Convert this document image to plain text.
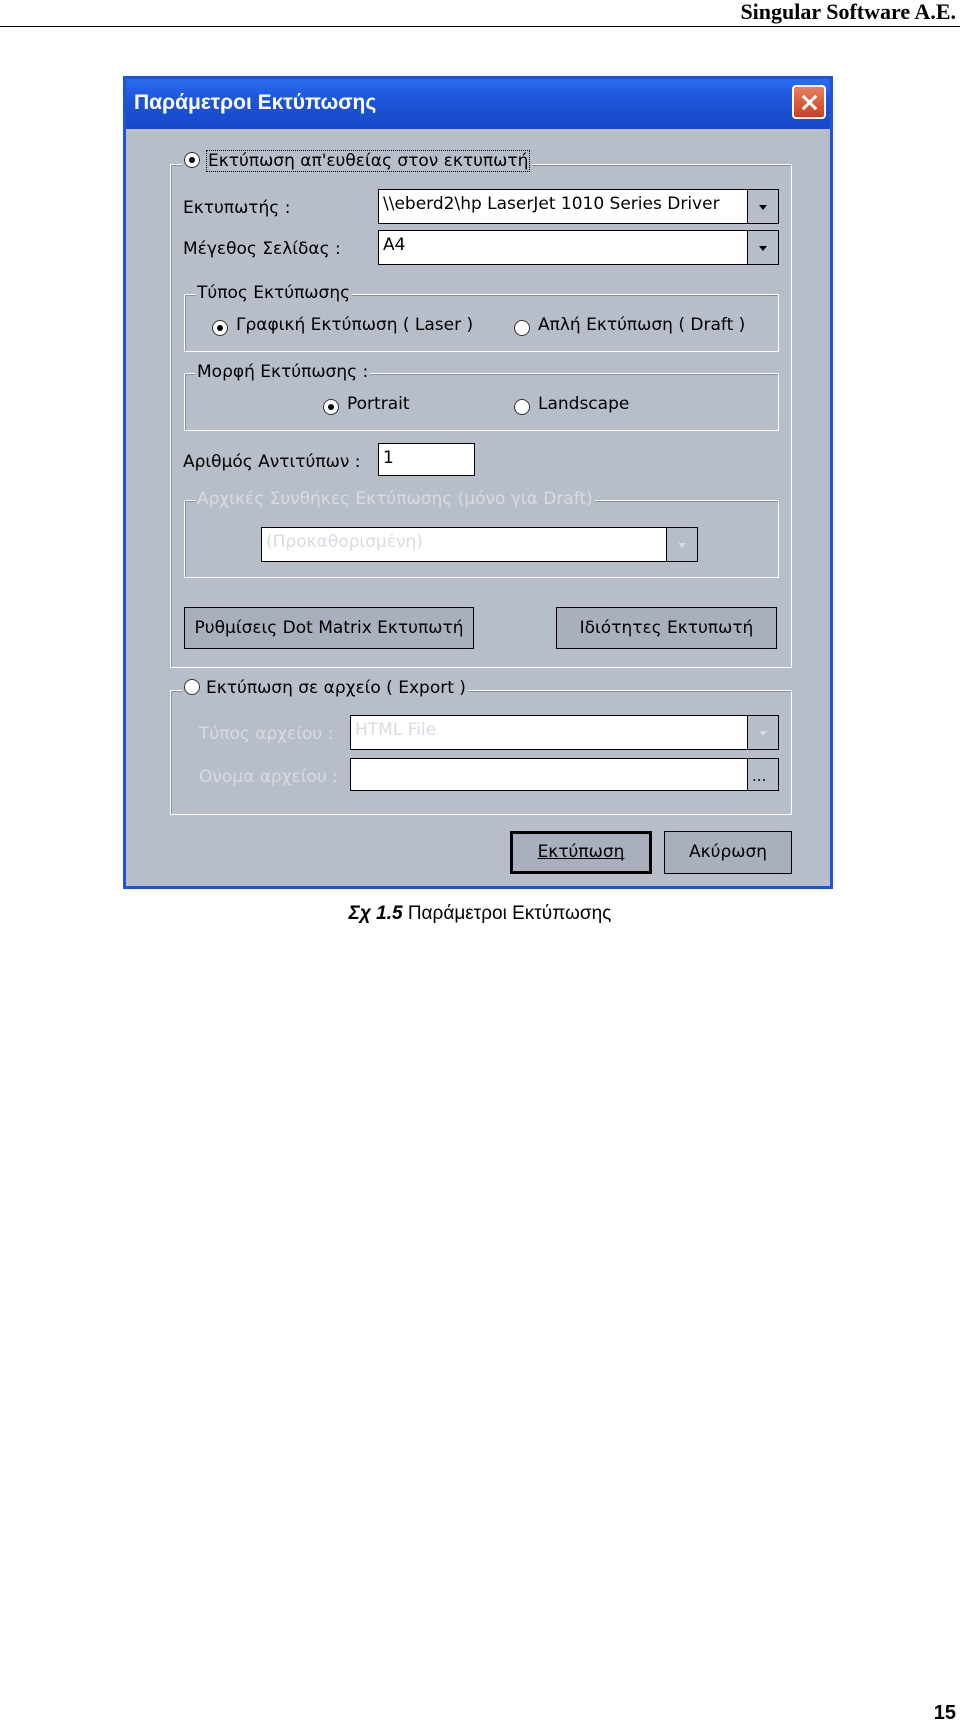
Singular Software A.E.
Παράμετροι Εκτύπωσης
Εκτύπωση απ'ευθείας στον εκτυπωτή
Εκτυπωτής :	\\eberd2\hp LaserJet 1010 Series Driver
Μέγεθος Σελίδας : A4
Τύπος Εκτύπωσης
Γραφική Εκτύπωση ( Laser )	Απλή Εκτύπωση ( Draft )
Μορφή Εκτύπωσης :
Portrait	Landscape
Αριθμός Αντιτύπων : 1
Αρχικές Συνθήκες Εκτύπωσης (μόνο για Draft)
(Προκαθορισμένη)
Ρυθμίσεις Dot Matrix Εκτυπωτή	Ιδιότητες Εκτυπωτή
Εκτύπωση σε αρχείο ( Export )
Τύπος αρχείου : HTML File
Ονομα αρχείου :	...
Εκτύπωση	Ακύρωση
Σχ 1.5 Παράμετροι Εκτύπωσης
15
